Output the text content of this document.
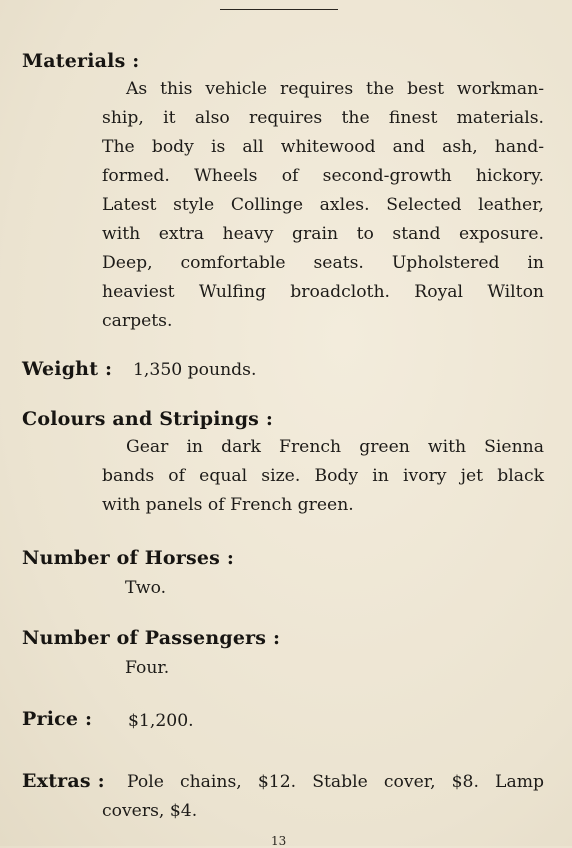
Materials :
As this vehicle requires the best workman-
ship, it also requires the finest materials.
The body is all whitewood and ash, hand-
formed. Wheels of second-growth hickory.
Latest style Collinge axles. Selected leather,
with extra heavy grain to stand exposure.
Deep, comfortable seats. Upholstered in
heaviest Wulfing broadcloth. Royal Wilton
carpets.
Weight : 1,350 pounds.
Colours and Stripings :
Gear in dark French green with Sienna
bands of equal size. Body in ivory jet black
with panels of French green.
Number of Horses :
Two.
Number of Passengers :
Four.
Price : $1,200.
Extras : Pole chains, $12. Stable cover, $8. Lamp
covers, $4.
13
